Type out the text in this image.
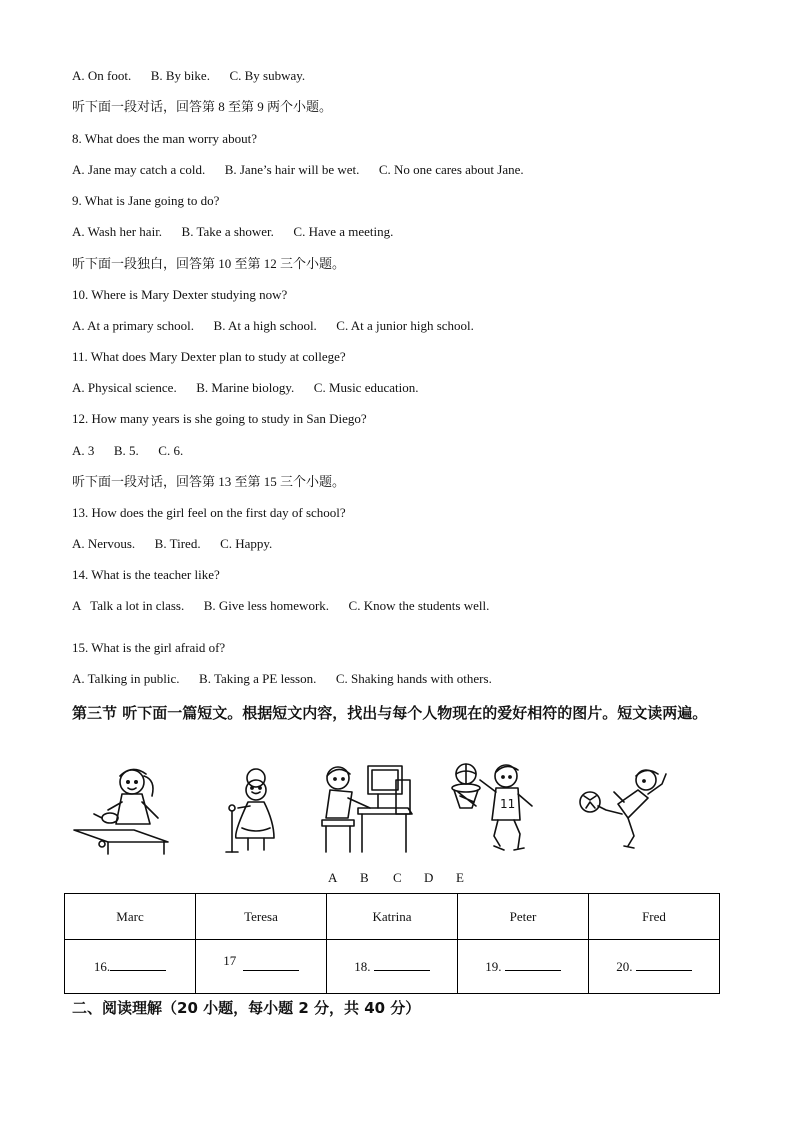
A. On foot.      B. By bike.      C. By subway.
听下面一段对话，回答第 8 至第 9 两个小题。
8. What does the man worry about?
A. Jane may catch a cold.      B. Jane’s hair will be wet.      C. No one cares about Jane.
9. What is Jane going to do?
A. Wash her hair.      B. Take a shower.      C. Have a meeting.
听下面一段独白，回答第 10 至第 12 三个小题。
10. Where is Mary Dexter studying now?
A. At a primary school.      B. At a high school.      C. At a junior high school.
11. What does Mary Dexter plan to study at college?
A. Physical science.      B. Marine biology.      C. Music education.
12. How many years is she going to study in San Diego?
A. 3      B. 5.      C. 6.
听下面一段对话，回答第 13 至第 15 三个小题。
13. How does the girl feel on the first day of school?
A. Nervous.      B. Tired.      C. Happy.
14. What is the teacher like?
A   Talk a lot in class.      B. Give less homework.      C. Know the students well.
15. What is the girl afraid of?
A. Talking in public.      B. Taking a PE lesson.      C. Shaking hands with others.
第三节 听下面一篇短文。根据短文内容，找出与每个人物现在的爱好相符的图片。短文读两遍。
11
A B C D E
Marc	Teresa	Katrina	Peter	Fred
16.	17	18.	19.	20.
二、阅读理解（20 小题，每小题 2 分，共 40 分）
